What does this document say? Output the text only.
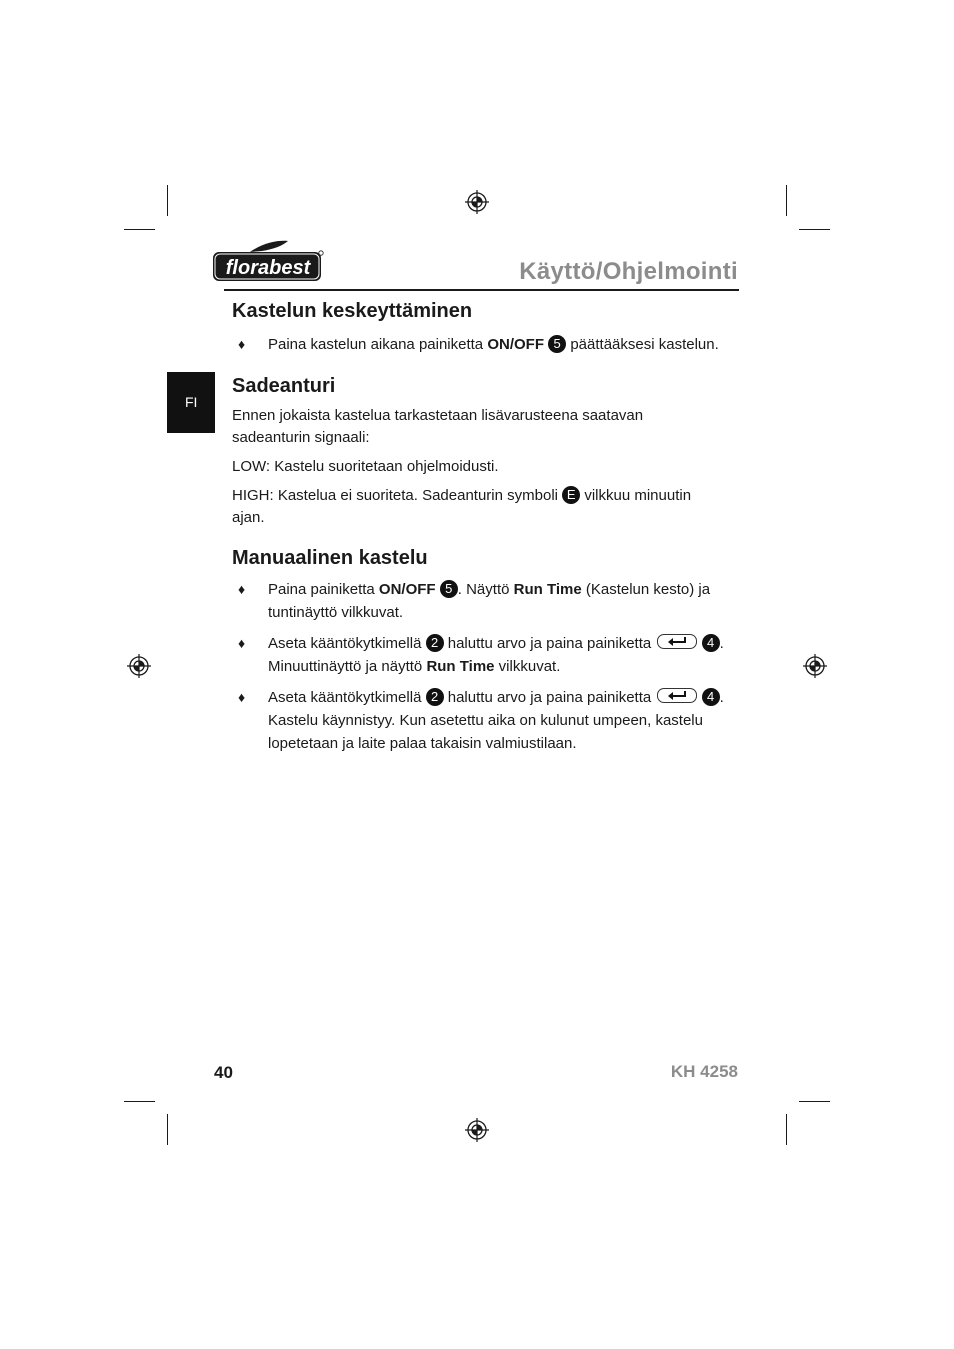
florabest	Käyttö/Ohjelmointi
FI
Kastelun keskeyttäminen
♦ Paina kastelun aikana painiketta ON/OFF 5 päättääksesi kastelun.
Sadeanturi

Ennen jokaista kastelua tarkastetaan lisävarusteena saatavan sadeanturin signaali:

LOW: Kastelu suoritetaan ohjelmoidusti.

HIGH: Kastelua ei suoriteta. Sadeanturin symboli E vilkkuu minuutin ajan.

Manuaalinen kastelu
♦ Paina painiketta ON/OFF 5 . Näyttö Run Time (Kastelun kesto) ja tuntinäyttö vilkkuvat.
♦ Aseta kääntökytkimellä 2 haluttu arvo ja paina painiketta	4 . Minuuttinäyttö ja näyttö Run Time vilkkuvat.
♦ Aseta kääntökytkimellä 2 haluttu arvo ja paina painiketta	4 . Kastelu käynnistyy. Kun asetettu aika on kulunut umpeen, kastelu lopetetaan ja laite palaa takaisin valmiustilaan.
40	KH 4258
